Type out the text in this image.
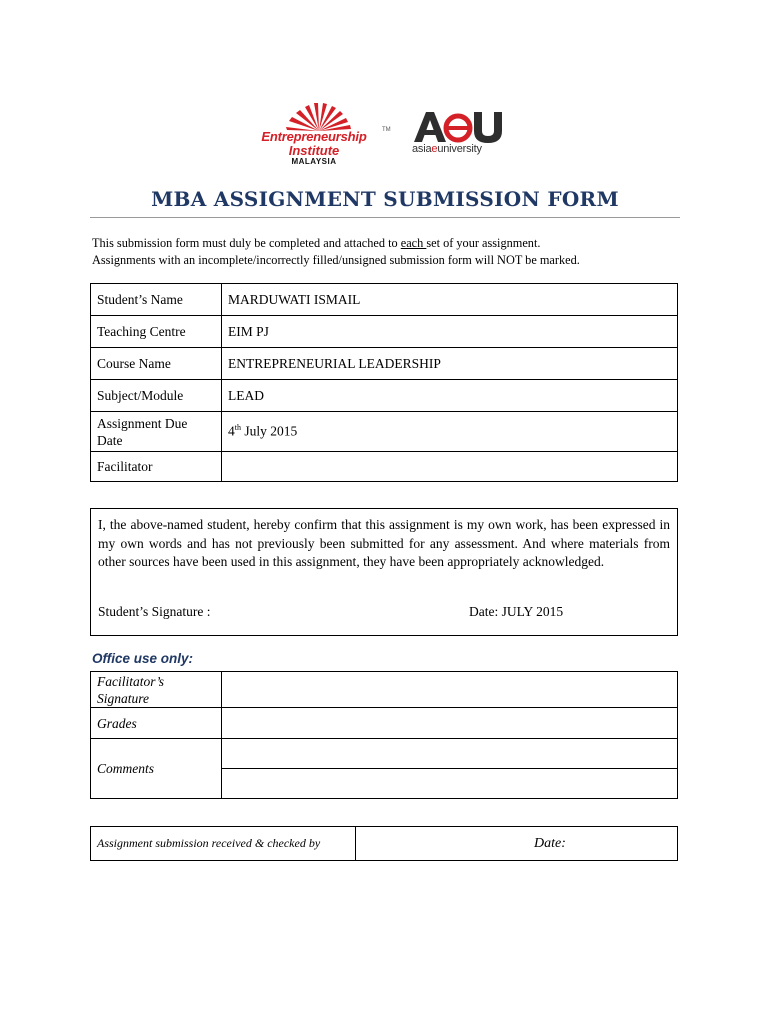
Entrepreneurship	TM
Institute
MALAYSIA
asiaeuniversity
MBA ASSIGNMENT SUBMISSION FORM
This submission form must duly be completed and attached to each set of your assignment.
Assignments with an incomplete/incorrectly filled/unsigned submission form will NOT be marked.
Student’s Name	MARDUWATI ISMAIL
Teaching Centre	EIM PJ
Course Name	ENTREPRENEURIAL LEADERSHIP
Subject/Module	LEAD
Assignment Due Date	4th July 2015
Facilitator	
I, the above-named student, hereby confirm that this assignment is my own work, has been expressed in my own words and has not previously been submitted for any assessment. And where materials from other sources have been used in this assignment, they have been appropriately acknowledged.
Student’s Signature :	Date: JULY 2015
Office use only:
Facilitator’s Signature	
Grades	
Comments	

Assignment submission received & checked by	Date:
